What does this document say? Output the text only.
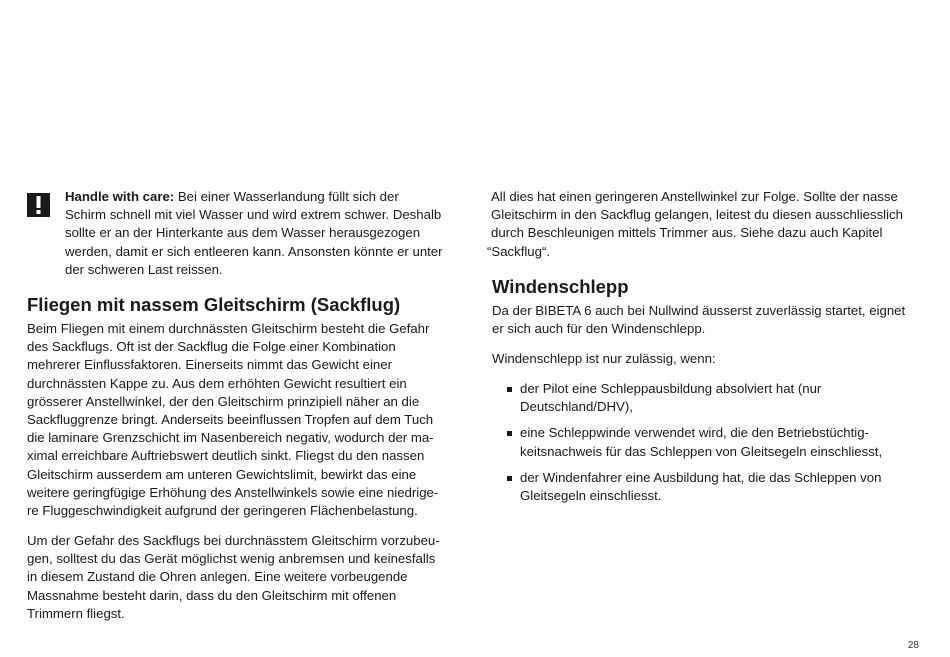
Handle with care: Bei einer Wasserlandung füllt sich der
Schirm schnell mit viel Wasser und wird extrem schwer. Deshalb
sollte er an der Hinterkante aus dem Wasser herausgezogen
werden, damit er sich entleeren kann. Ansonsten könnte er unter
der schweren Last reissen.
Fliegen mit nassem Gleitschirm (Sackflug)
Beim Fliegen mit einem durchnässten Gleitschirm besteht die Gefahr
des Sackflugs. Oft ist der Sackflug die Folge einer Kombination
mehrerer Einflussfaktoren. Einerseits nimmt das Gewicht einer
durchnässten Kappe zu. Aus dem erhöhten Gewicht resultiert ein
grösserer Anstellwinkel, der den Gleitschirm prinzipiell näher an die
Sackfluggrenze bringt. Anderseits beeinflussen Tropfen auf dem Tuch
die laminare Grenzschicht im Nasenbereich negativ, wodurch der ma-
ximal erreichbare Auftriebswert deutlich sinkt. Fliegst du den nassen
Gleitschirm ausserdem am unteren Gewichtslimit, bewirkt das eine
weitere geringfügige Erhöhung des Anstellwinkels sowie eine niedrige-
re Fluggeschwindigkeit aufgrund der geringeren Flächenbelastung.
Um der Gefahr des Sackflugs bei durchnässtem Gleitschirm vorzubeu-
gen, solltest du das Gerät möglichst wenig anbremsen und keinesfalls
in diesem Zustand die Ohren anlegen. Eine weitere vorbeugende
Massnahme besteht darin, dass du den Gleitschirm mit offenen
Trimmern fliegst.
All dies hat einen geringeren Anstellwinkel zur Folge. Sollte der nasse
Gleitschirm in den Sackflug gelangen, leitest du diesen ausschliesslich
durch Beschleunigen mittels Trimmer aus. Siehe dazu auch Kapitel
“Sackflug“.
Windenschlepp
Da der BIBETA 6 auch bei Nullwind äusserst zuverlässig startet, eignet
er sich auch für den Windenschlepp.
Windenschlepp ist nur zulässig, wenn:
der Pilot eine Schleppausbildung absolviert hat (nur
Deutschland/DHV),
eine Schleppwinde verwendet wird, die den Betriebstüchtig-
keitsnachweis für das Schleppen von Gleitsegeln einschliesst,
der Windenfahrer eine Ausbildung hat, die das Schleppen von
Gleitsegeln einschliesst.
28
